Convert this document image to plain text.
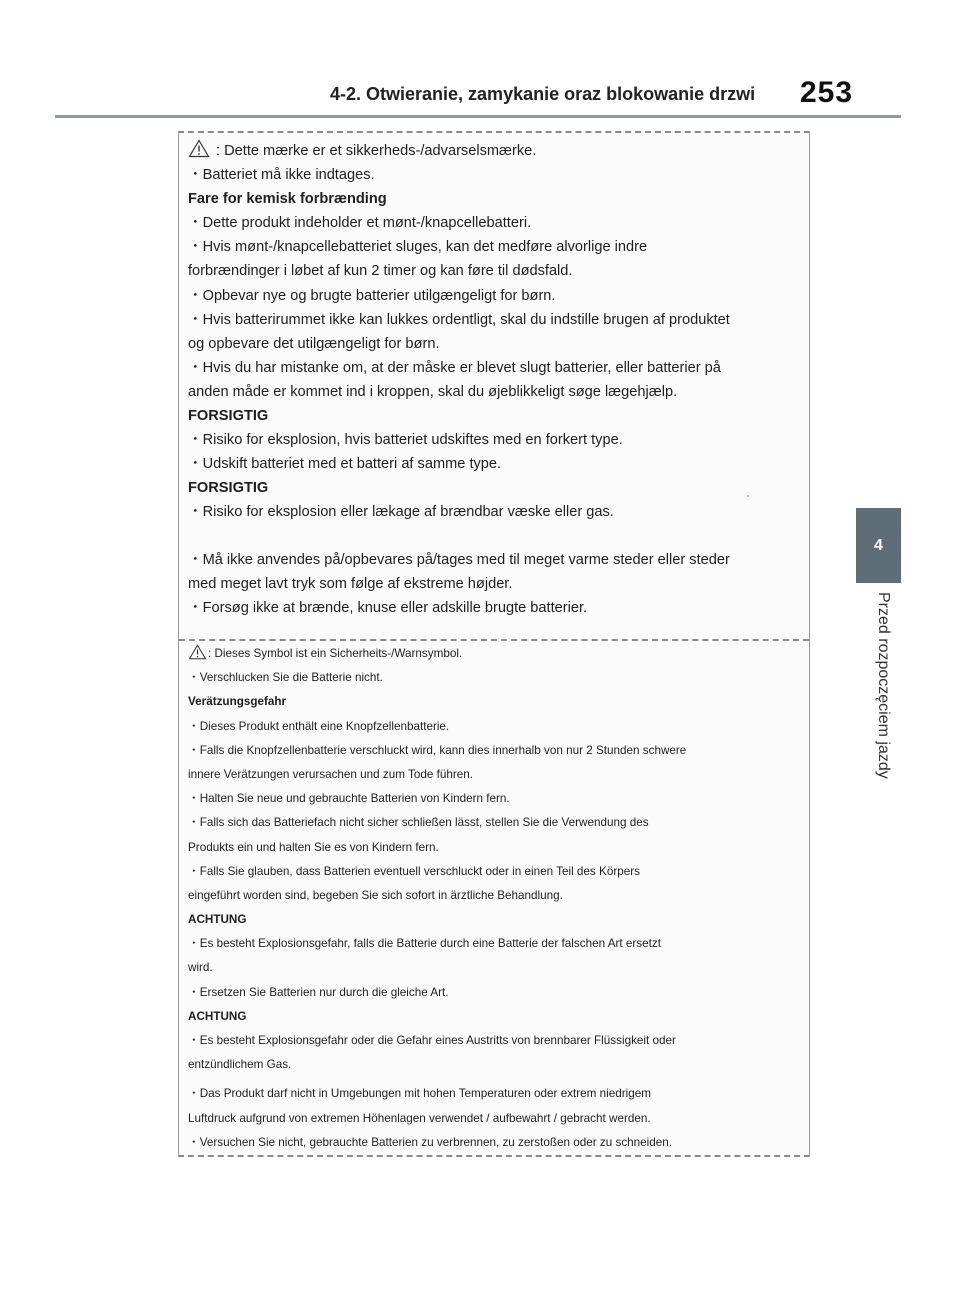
4-2. Otwieranie, zamykanie oraz blokowanie drzwi 253
4
Przed rozpoczęciem jazdy
: Dette mærke er et sikkerheds-/advarselsmærke.
・Batteriet må ikke indtages.
Fare for kemisk forbrænding
・Dette produkt indeholder et mønt-/knapcellebatteri.
・Hvis mønt-/knapcellebatteriet sluges, kan det medføre alvorlige indre
forbrændinger i løbet af kun 2 timer og kan føre til dødsfald.
・Opbevar nye og brugte batterier utilgængeligt for børn.
・Hvis batterirummet ikke kan lukkes ordentligt, skal du indstille brugen af produktet
og opbevare det utilgængeligt for børn.
・Hvis du har mistanke om, at der måske er blevet slugt batterier, eller batterier på
anden måde er kommet ind i kroppen, skal du øjeblikkeligt søge lægehjælp.
FORSIGTIG
・Risiko for eksplosion, hvis batteriet udskiftes med en forkert type.
・Udskift batteriet med et batteri af samme type.
FORSIGTIG
・Risiko for eksplosion eller lækage af brændbar væske eller gas.
・Må ikke anvendes på/opbevares på/tages med til meget varme steder eller steder
med meget lavt tryk som følge af ekstreme højder.
・Forsøg ikke at brænde, knuse eller adskille brugte batterier.
: Dieses Symbol ist ein Sicherheits-/Warnsymbol.
・Verschlucken Sie die Batterie nicht.
Verätzungsgefahr
・Dieses Produkt enthält eine Knopfzellenbatterie.
・Falls die Knopfzellenbatterie verschluckt wird, kann dies innerhalb von nur 2 Stunden schwere
innere Verätzungen verursachen und zum Tode führen.
・Halten Sie neue und gebrauchte Batterien von Kindern fern.
・Falls sich das Batteriefach nicht sicher schließen lässt, stellen Sie die Verwendung des
Produkts ein und halten Sie es von Kindern fern.
・Falls Sie glauben, dass Batterien eventuell verschluckt oder in einen Teil des Körpers
eingeführt worden sind, begeben Sie sich sofort in ärztliche Behandlung.
ACHTUNG
・Es besteht Explosionsgefahr, falls die Batterie durch eine Batterie der falschen Art ersetzt
wird.
・Ersetzen Sie Batterien nur durch die gleiche Art.
ACHTUNG
・Es besteht Explosionsgefahr oder die Gefahr eines Austritts von brennbarer Flüssigkeit oder
entzündlichem Gas.
・Das Produkt darf nicht in Umgebungen mit hohen Temperaturen oder extrem niedrigem
Luftdruck aufgrund von extremen Höhenlagen verwendet / aufbewahrt / gebracht werden.
・Versuchen Sie nicht, gebrauchte Batterien zu verbrennen, zu zerstoßen oder zu schneiden.
